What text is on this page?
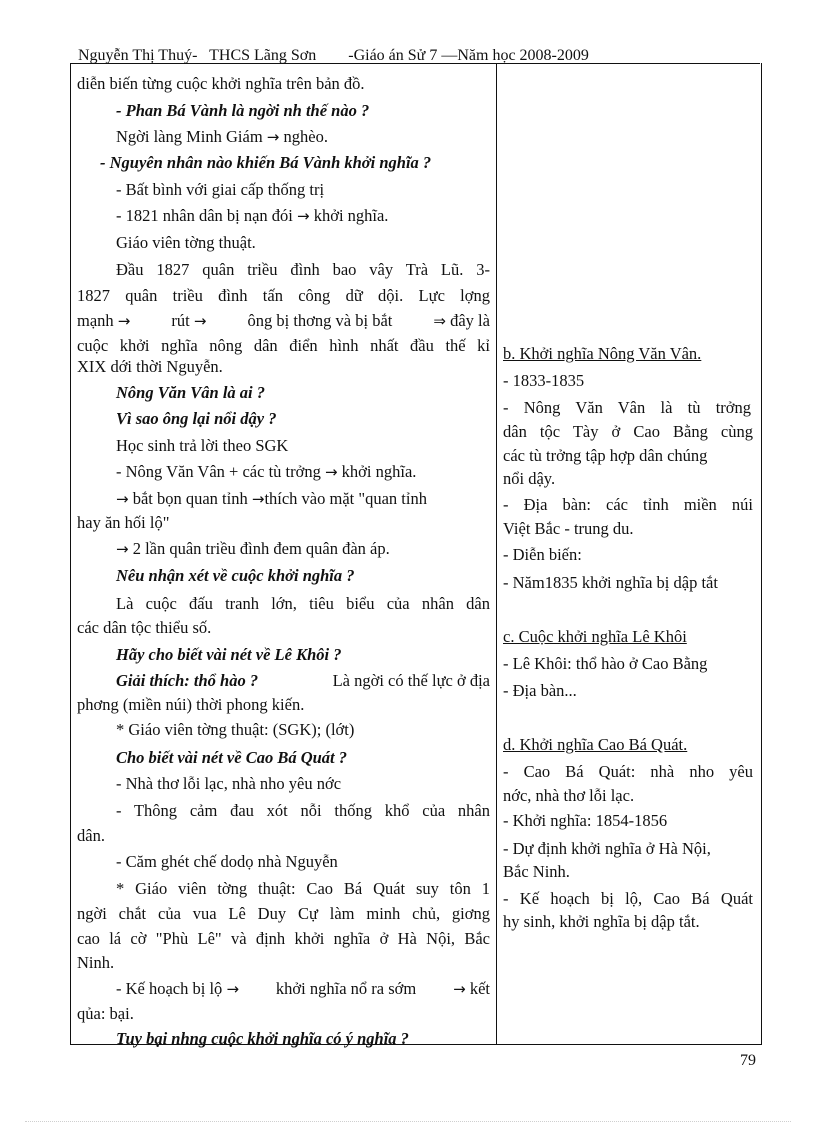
Nguyễn Thị Thuý-   THCS Lãng Sơn        -Giáo án Sử 7 —Năm học 2008-2009
diễn biến từng cuộc khởi nghĩa trên bản đồ.
- Phan Bá Vành là ngời nh thế nào ?
Ngời làng Minh Giám → nghèo.
- Nguyên nhân nào khiến Bá Vành khởi nghĩa ?
- Bất bình với giai cấp thống trị
- 1821 nhân dân bị nạn đói → khởi nghĩa.
Giáo viên tờng thuật.
Đầu 1827 quân triều đình bao vây Trà Lũ. 3-
1827 quân triều đình tấn công dữ dội. Lực lợng
mạnh → rút → ông bị thơng và bị bắt	⇒ đây là
cuộc khởi nghĩa nông dân điển hình nhất đầu thế kỉ
XIX dới thời Nguyễn.
Nông Văn Vân là ai ?
Vì sao ông lại nổi dậy ?
Học sinh trả lời theo SGK
- Nông Văn Vân + các tù trởng → khởi nghĩa.
→ bắt bọn quan tỉnh →thích vào mặt "quan tỉnh
hay ăn hối lộ"
→ 2 lần quân triều đình đem quân đàn áp.
Nêu nhận xét về cuộc khởi nghĩa ?
Là cuộc đấu tranh lớn, tiêu biểu của nhân dân
các dân tộc thiểu số.
Hãy cho biết vài nét về Lê Khôi ?
Giải thích: thổ hào ?	Là ngời có thế lực ở địa
phơng (miền núi) thời phong kiến.
* Giáo viên tờng thuật: (SGK); (lớt)
Cho biết vài nét về Cao Bá Quát ?
- Nhà thơ lỗi lạc, nhà nho yêu nớc
- Thông cảm đau xót nỗi thống khổ của nhân
dân.
- Căm ghét chế dodọ nhà Nguyễn
* Giáo viên tờng thuật: Cao Bá Quát suy tôn 1
ngời chắt của vua Lê Duy Cự làm minh chủ, giơng
cao lá cờ "Phù Lê" và định khởi nghĩa ở Hà Nội, Bắc
Ninh.
- Kế hoạch bị lộ → khởi nghĩa nổ ra sớm → kết
qủa: bại.
Tuy bại nhng cuộc khởi nghĩa có ý nghĩa ?
b. Khởi nghĩa Nông Văn Vân.
- 1833-1835
- Nông Văn Vân là tù trởng
dân tộc Tày ở Cao Bằng cùng
các tù trởng tập hợp dân chúng
nổi dậy.
- Địa bàn: các tỉnh miền núi
Việt Bắc - trung du.
- Diễn biến:
- Năm1835 khởi nghĩa bị dập tắt
c. Cuộc khởi nghĩa Lê Khôi
- Lê Khôi: thổ hào ở Cao Bằng
- Địa bàn...
d. Khởi nghĩa Cao Bá Quát.
- Cao Bá Quát: nhà nho yêu
nớc, nhà thơ lỗi lạc.
- Khởi nghĩa: 1854-1856
- Dự định khởi nghĩa ở Hà Nội,
Bắc Ninh.
- Kế hoạch bị lộ, Cao Bá Quát
hy sinh, khởi nghĩa bị dập tắt.
79
